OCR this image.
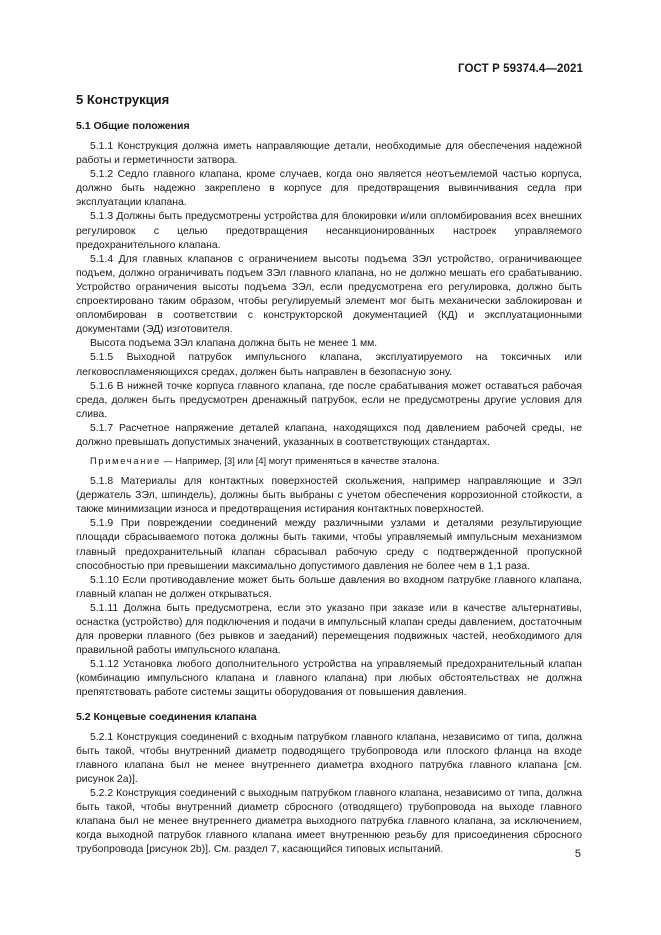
ГОСТ Р 59374.4—2021
5 Конструкция
5.1 Общие положения

5.1.1 Конструкция должна иметь направляющие детали, необходимые для обеспечения надежной работы и герметичности затвора.

5.1.2 Седло главного клапана, кроме случаев, когда оно является неотъемлемой частью корпуса, должно быть надежно закреплено в корпусе для предотвращения вывинчивания седла при эксплуатации клапана.

5.1.3 Должны быть предусмотрены устройства для блокировки и/или опломбирования всех внешних регулировок с целью предотвращения несанкционированных настроек управляемого предохранительного клапана.

5.1.4 Для главных клапанов с ограничением высоты подъема ЗЭл устройство, ограничивающее подъем, должно ограничивать подъем ЗЭл главного клапана, но не должно мешать его срабатыванию. Устройство ограничения высоты подъема ЗЭл, если предусмотрена его регулировка, должно быть спроектировано таким образом, чтобы регулируемый элемент мог быть механически заблокирован и опломбирован в соответствии с конструкторской документацией (КД) и эксплуатационными документами (ЭД) изготовителя.

Высота подъема ЗЭл клапана должна быть не менее 1 мм.

5.1.5 Выходной патрубок импульсного клапана, эксплуатируемого на токсичных или легковоспламеняющихся средах, должен быть направлен в безопасную зону.

5.1.6 В нижней точке корпуса главного клапана, где после срабатывания может оставаться рабочая среда, должен быть предусмотрен дренажный патрубок, если не предусмотрены другие условия для слива.

5.1.7 Расчетное напряжение деталей клапана, находящихся под давлением рабочей среды, не должно превышать допустимых значений, указанных в соответствующих стандартах.

Примечание — Например, [3] или [4] могут применяться в качестве эталона.

5.1.8 Материалы для контактных поверхностей скольжения, например направляющие и ЗЭл (держатель ЗЭл, шпиндель), должны быть выбраны с учетом обеспечения коррозионной стойкости, а также минимизации износа и предотвращения истирания контактных поверхностей.

5.1.9 При повреждении соединений между различными узлами и деталями результирующие площади сбрасываемого потока должны быть такими, чтобы управляемый импульсным механизмом главный предохранительный клапан сбрасывал рабочую среду с подтвержденной пропускной способностью при превышении максимально допустимого давления не более чем в 1,1 раза.

5.1.10 Если противодавление может быть больше давления во входном патрубке главного клапана, главный клапан не должен открываться.

5.1.11 Должна быть предусмотрена, если это указано при заказе или в качестве альтернативы, оснастка (устройство) для подключения и подачи в импульсный клапан среды давлением, достаточным для проверки плавного (без рывков и заеданий) перемещения подвижных частей, необходимого для правильной работы импульсного клапана.

5.1.12 Установка любого дополнительного устройства на управляемый предохранительный клапан (комбинацию импульсного клапана и главного клапана) при любых обстоятельствах не должна препятствовать работе системы защиты оборудования от повышения давления.

5.2 Концевые соединения клапана

5.2.1 Конструкция соединений с входным патрубком главного клапана, независимо от типа, должна быть такой, чтобы внутренний диаметр подводящего трубопровода или плоского фланца на входе главного клапана был не менее внутреннего диаметра входного патрубка главного клапана [см. рисунок 2a)].

5.2.2 Конструкция соединений с выходным патрубком главного клапана, независимо от типа, должна быть такой, чтобы внутренний диаметр сбросного (отводящего) трубопровода на выходе главного клапана был не менее внутреннего диаметра выходного патрубка главного клапана, за исключением, когда выходной патрубок главного клапана имеет внутреннюю резьбу для присоединения сбросного трубопровода [рисунок 2b)]. См. раздел 7, касающийся типовых испытаний.	5
